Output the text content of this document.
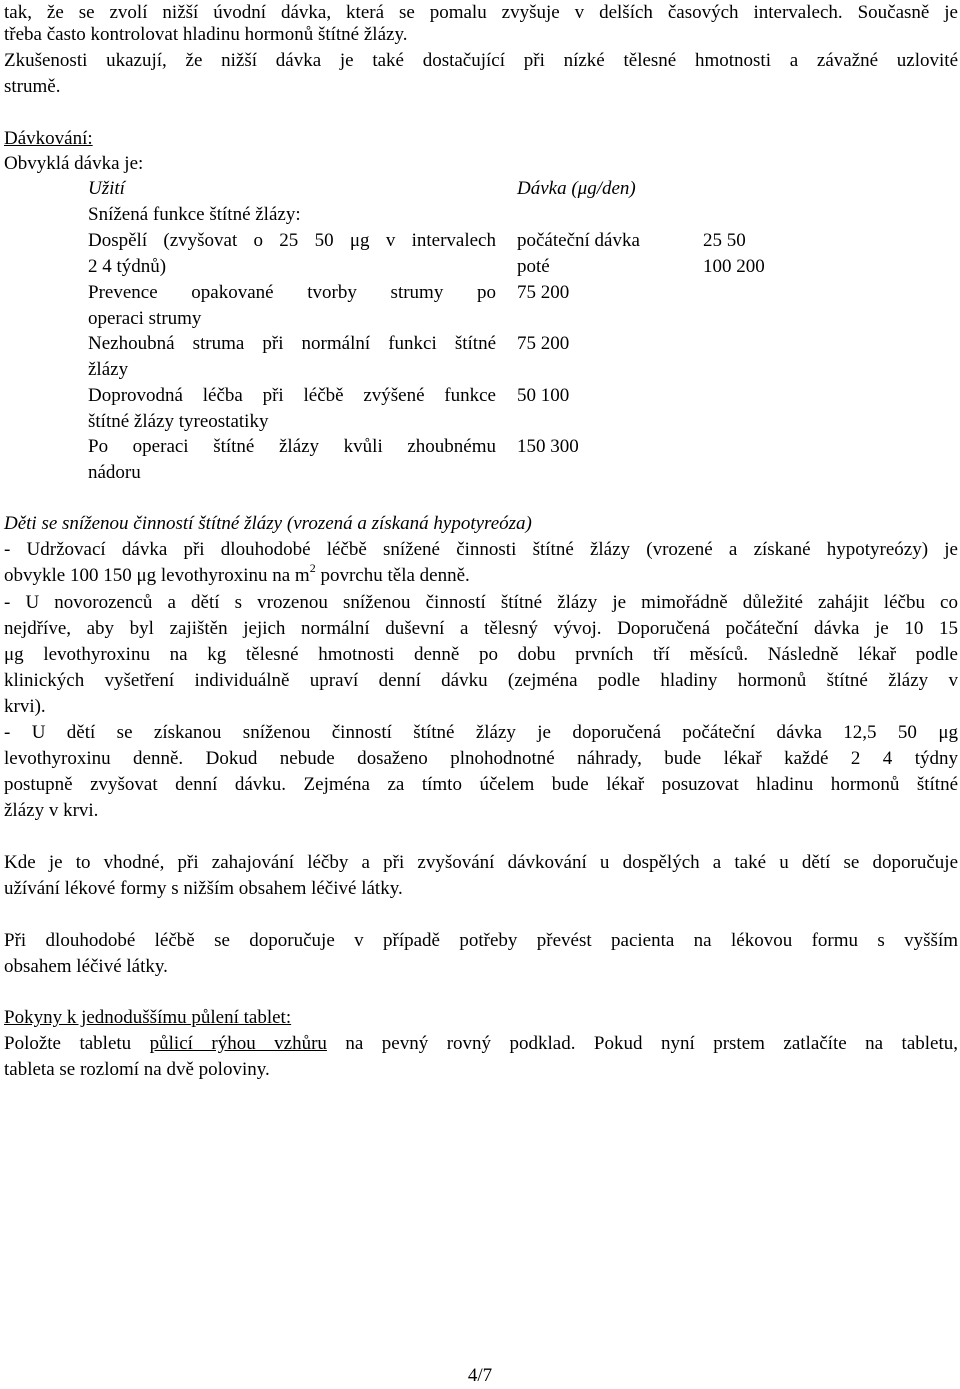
tak, že se zvolí nižší úvodní dávka, která se pomalu zvyšuje v delších časových intervalech. Současně je
třeba často kontrolovat hladinu hormonů štítné žlázy.
Zkušenosti ukazují, že nižší dávka je také dostačující při nízké tělesné hmotnosti a závažné uzlovité
strumě.
Dávkování:
Obvyklá dávka je:
Užití	Dávka (μg/den)
Snížená funkce štítné žlázy:
Dospělí (zvyšovat o 25 50 μg v intervalech
2 4 týdnů)
počáteční dávka
poté
25 50
100 200
Prevence opakované tvorby strumy po
operaci strumy
75 200
Nezhoubná struma při normální funkci štítné
žlázy
75 200
Doprovodná léčba při léčbě zvýšené funkce
štítné žlázy tyreostatiky
50 100
Po operaci štítné žlázy kvůli zhoubnému
nádoru
150 300
Děti se sníženou činností štítné žlázy (vrozená a získaná hypotyreóza)
- Udržovací dávka při dlouhodobé léčbě snížené činnosti štítné žlázy (vrozené a získané hypotyreózy) je
obvykle 100 150 μg levothyroxinu na $m^2$ povrchu těla denně.
- U novorozenců a dětí s vrozenou sníženou činností štítné žlázy je mimořádně důležité zahájit léčbu co
nejdříve, aby byl zajištěn jejich normální duševní a tělesný vývoj. Doporučená počáteční dávka je 10 15
μg levothyroxinu na kg tělesné hmotnosti denně po dobu prvních tří měsíců. Následně lékař podle
klinických vyšetření individuálně upraví denní dávku (zejména podle hladiny hormonů štítné žlázy v
krvi).
- U dětí se získanou sníženou činností štítné žlázy je doporučená počáteční dávka 12,5 50 μg
levothyroxinu denně. Dokud nebude dosaženo plnohodnotné náhrady, bude lékař každé 2 4 týdny
postupně zvyšovat denní dávku. Zejména za tímto účelem bude lékař posuzovat hladinu hormonů štítné
žlázy v krvi.
Kde je to vhodné, při zahajování léčby a při zvyšování dávkování u dospělých a také u dětí se doporučuje
užívání lékové formy s nižším obsahem léčivé látky.
Při dlouhodobé léčbě se doporučuje v případě potřeby převést pacienta na lékovou formu s vyšším
obsahem léčivé látky.
Pokyny k jednoduššímu půlení tablet:
Položte tabletu půlicí rýhou vzhůru na pevný rovný podklad. Pokud nyní prstem zatlačíte na tabletu,
tableta se rozlomí na dvě poloviny.
4/7
